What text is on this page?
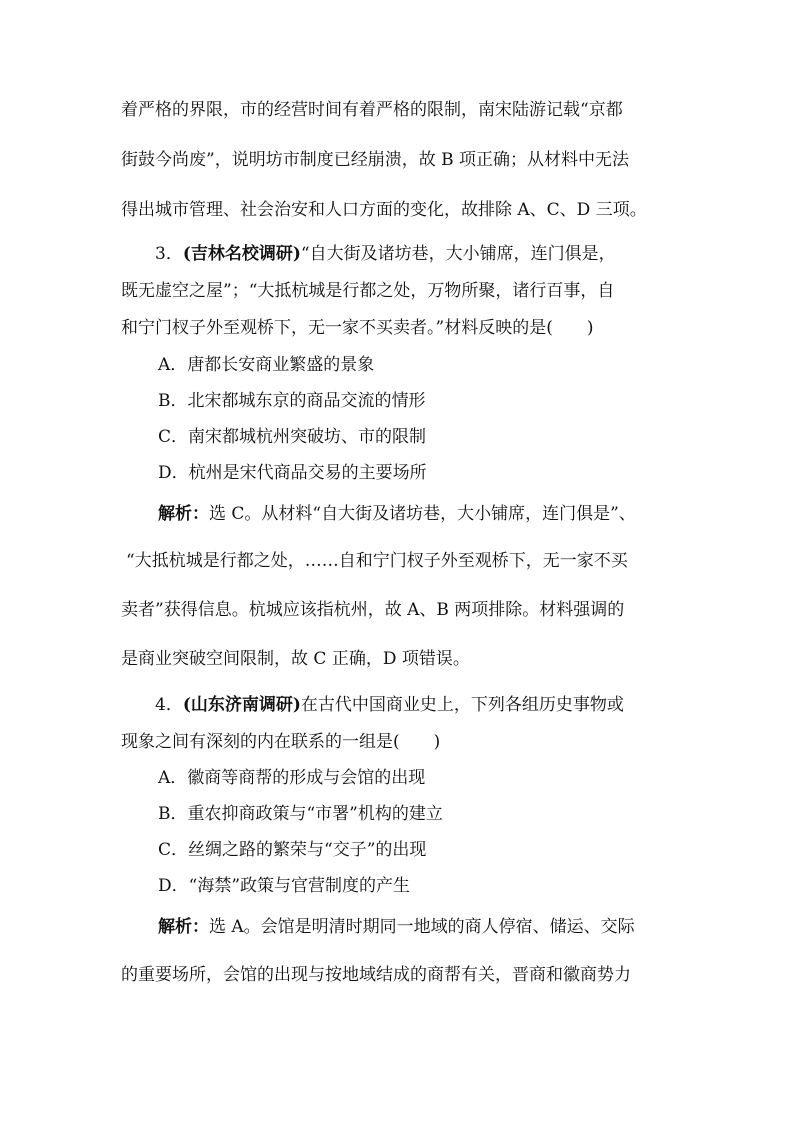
着严格的界限，市的经营时间有着严格的限制，南宋陆游记载“京都
街鼓今尚废”，说明坊市制度已经崩溃，故 B 项正确；从材料中无法
得出城市管理、社会治安和人口方面的变化，故排除 A、C、D 三项。
3．(吉林名校调研)“自大街及诸坊巷，大小铺席，连门俱是，
既无虚空之屋”；“大抵杭城是行都之处，万物所聚，诸行百事，自
和宁门杈子外至观桥下，无一家不买卖者。”材料反映的是(　　)
A．唐都长安商业繁盛的景象
B．北宋都城东京的商品交流的情形
C．南宋都城杭州突破坊、市的限制
D．杭州是宋代商品交易的主要场所
解析：选 C。从材料“自大街及诸坊巷，大小铺席，连门俱是”、
“大抵杭城是行都之处，……自和宁门杈子外至观桥下，无一家不买
卖者”获得信息。杭城应该指杭州，故 A、B 两项排除。材料强调的
是商业突破空间限制，故 C 正确，D 项错误。
4．(山东济南调研)在古代中国商业史上，下列各组历史事物或
现象之间有深刻的内在联系的一组是(　　)
A．徽商等商帮的形成与会馆的出现
B．重农抑商政策与“市署”机构的建立
C．丝绸之路的繁荣与“交子”的出现
D．“海禁”政策与官营制度的产生
解析：选 A。会馆是明清时期同一地域的商人停宿、储运、交际
的重要场所，会馆的出现与按地域结成的商帮有关，晋商和徽商势力
